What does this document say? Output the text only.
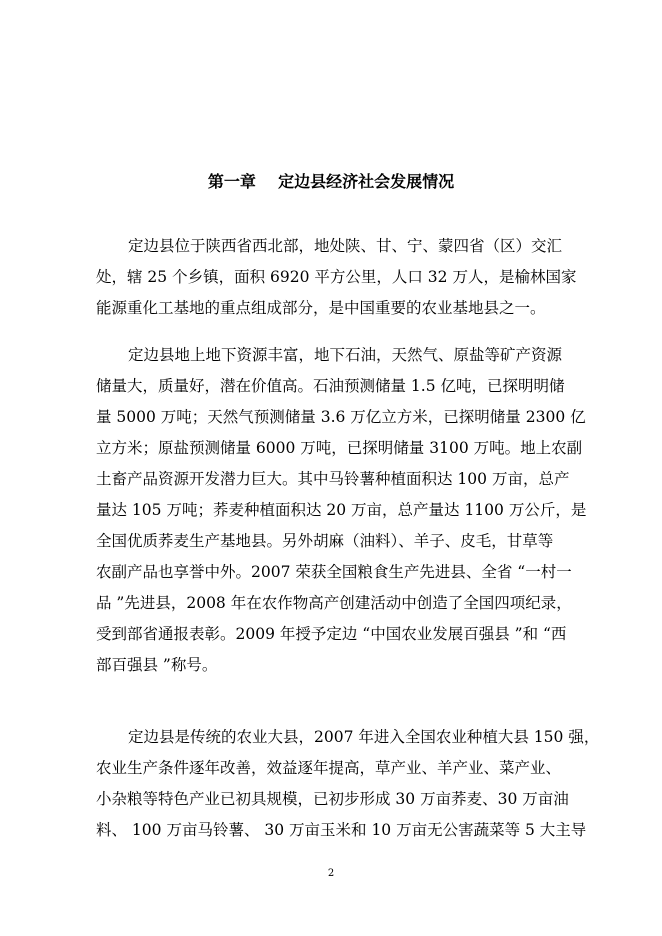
第一章    定边县经济社会发展情况
定边县位于陕西省西北部，地处陕、甘、宁、蒙四省（区）交汇
处，辖 25 个乡镇，面积 6920 平方公里，人口 32 万人，是榆林国家
能源重化工基地的重点组成部分，是中国重要的农业基地县之一。
定边县地上地下资源丰富，地下石油，天然气、原盐等矿产资源
储量大，质量好，潜在价值高。石油预测储量 1.5 亿吨，已探明明储
量 5000 万吨；天然气预测储量 3.6 万亿立方米，已探明储量 2300 亿
立方米；原盐预测储量 6000 万吨，已探明储量 3100 万吨。地上农副
土畜产品资源开发潜力巨大。其中马铃薯种植面积达 100 万亩，总产
量达 105 万吨；荞麦种植面积达 20 万亩，总产量达 1100 万公斤，是
全国优质荞麦生产基地县。另外胡麻（油料）、羊子、皮毛，甘草等
农副产品也享誉中外。2007 荣获全国粮食生产先进县、全省 “一村一
品 ”先进县，2008 年在农作物高产创建活动中创造了全国四项纪录，
受到部省通报表彰。2009 年授予定边 “中国农业发展百强县 ”和 “西
部百强县 ”称号。
定边县是传统的农业大县，2007 年进入全国农业种植大县 150 强，
农业生产条件逐年改善，效益逐年提高，草产业、羊产业、菜产业、
小杂粮等特色产业已初具规模，已初步形成 30 万亩荞麦、30 万亩油
料、 100 万亩马铃薯、 30 万亩玉米和 10 万亩无公害蔬菜等 5 大主导
2
